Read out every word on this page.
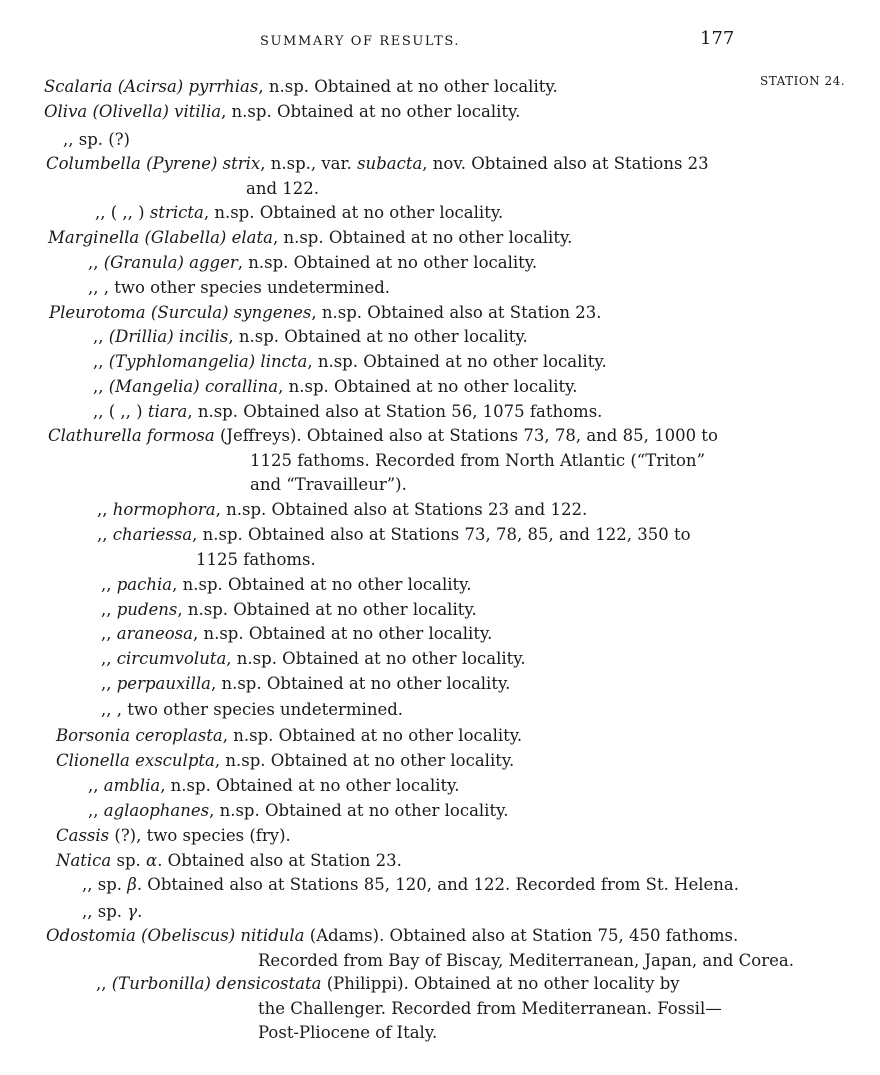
SUMMARY OF RESULTS.	177
STATION 24.
Scalaria (Acirsa) pyrrhias, n.sp. Obtained at no other locality.
Oliva (Olivella) vitilia, n.sp. Obtained at no other locality.
,, sp. (?)
Columbella (Pyrene) strix, n.sp., var. subacta, nov. Obtained also at Stations 23
and 122.
,, ( ,, ) stricta, n.sp. Obtained at no other locality.
Marginella (Glabella) elata, n.sp. Obtained at no other locality.
,, (Granula) agger, n.sp. Obtained at no other locality.
,, , two other species undetermined.
Pleurotoma (Surcula) syngenes, n.sp. Obtained also at Station 23.
,, (Drillia) incilis, n.sp. Obtained at no other locality.
,, (Typhlomangelia) lincta, n.sp. Obtained at no other locality.
,, (Mangelia) corallina, n.sp. Obtained at no other locality.
,, ( ,, ) tiara, n.sp. Obtained also at Station 56, 1075 fathoms.
Clathurella formosa (Jeffreys). Obtained also at Stations 73, 78, and 85, 1000 to
1125 fathoms. Recorded from North Atlantic (“Triton”
and “Travailleur”).
,, hormophora, n.sp. Obtained also at Stations 23 and 122.
,, chariessa, n.sp. Obtained also at Stations 73, 78, 85, and 122, 350 to
1125 fathoms.
,, pachia, n.sp. Obtained at no other locality.
,, pudens, n.sp. Obtained at no other locality.
,, araneosa, n.sp. Obtained at no other locality.
,, circumvoluta, n.sp. Obtained at no other locality.
,, perpauxilla, n.sp. Obtained at no other locality.
,, , two other species undetermined.
Borsonia ceroplasta, n.sp. Obtained at no other locality.
Clionella exsculpta, n.sp. Obtained at no other locality.
,, amblia, n.sp. Obtained at no other locality.
,, aglaophanes, n.sp. Obtained at no other locality.
Cassis (?), two species (fry).
Natica sp. α. Obtained also at Station 23.
,, sp. β. Obtained also at Stations 85, 120, and 122. Recorded from St. Helena.
,, sp. γ.
Odostomia (Obeliscus) nitidula (Adams). Obtained also at Station 75, 450 fathoms.
Recorded from Bay of Biscay, Mediterranean, Japan, and Corea.
,, (Turbonilla) densicostata (Philippi). Obtained at no other locality by
the Challenger. Recorded from Mediterranean. Fossil—
Post-Pliocene of Italy.
